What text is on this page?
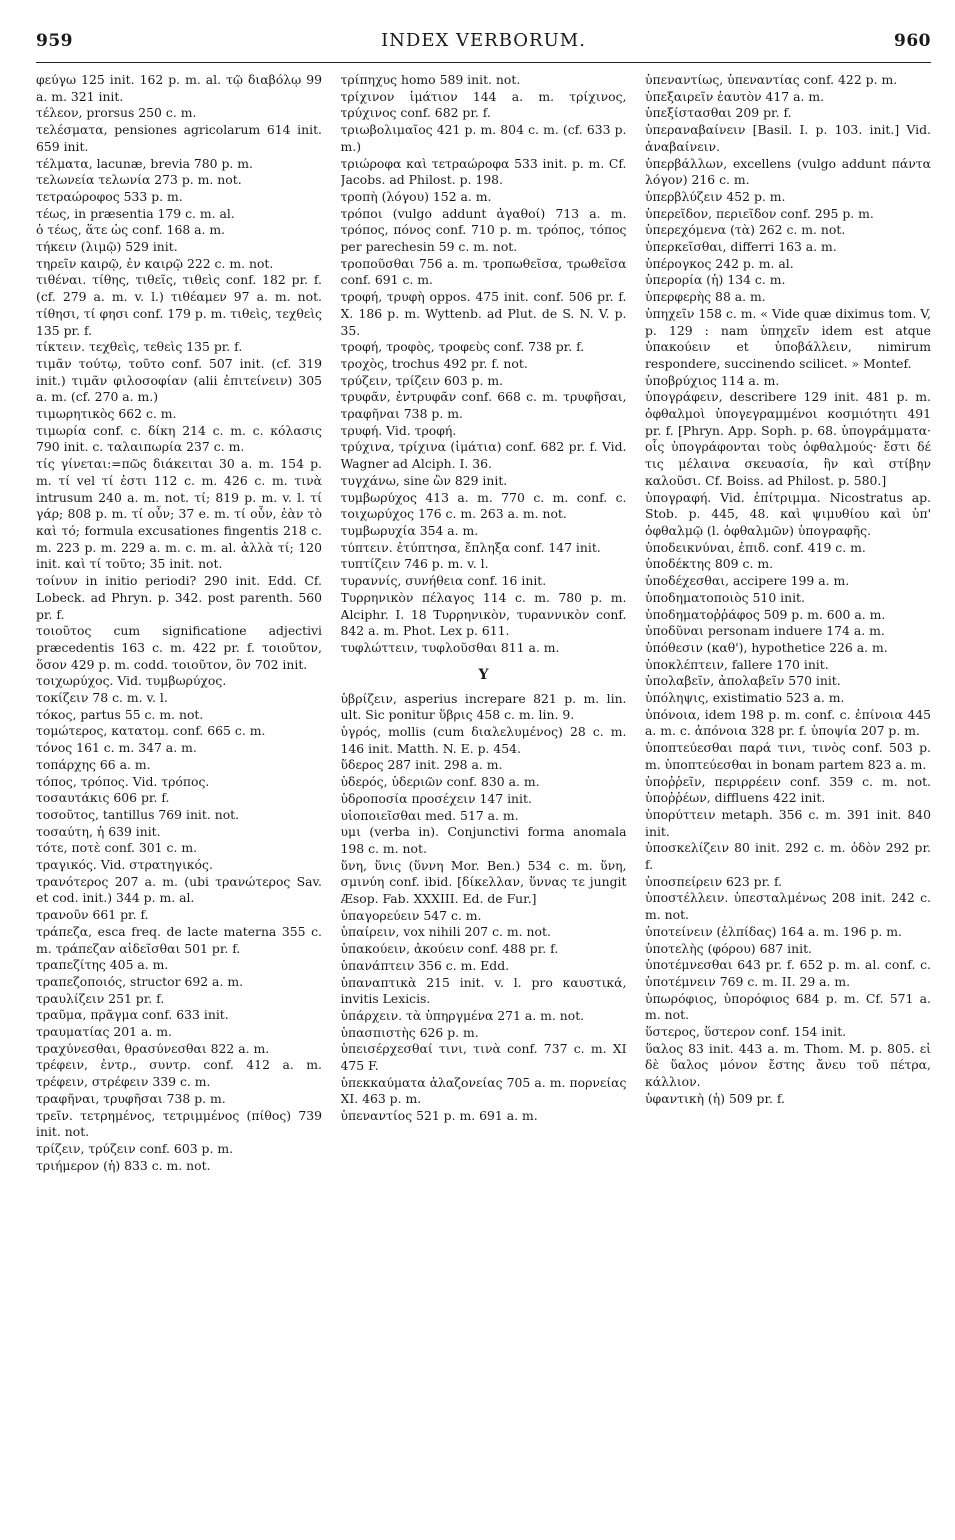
959	INDEX VERBORUM.	960

φεύγω 125 init. 162 p. m. al. τῷ διαβόλῳ 99 a. m. 321 init.

τέλεον, prorsus 250 c. m.

τελέσματα, pensiones agricolarum 614 init. 659 init.

τέλματα, lacunæ, brevia 780 p. m.

τελωνεία τελωνία 273 p. m. not.

τετραώροφος 533 p. m.

τέως, in præsentia 179 c. m. al.

ὁ τέως, ἅτε ὡς conf. 168 a. m.

τήκειν (λιμῷ) 529 init.

τηρεῖν καιρῷ, ἐν καιρῷ 222 c. m. not.

τιθέναι. τίθης, τιθεῖς, τιθεὶς conf. 182 pr. f. (cf. 279 a. m. v. l.) τιθέαμεν 97 a. m. not. τίθησι, τί φησι conf. 179 p. m. τιθεὶς, τεχθεὶς 135 pr. f.

τίκτειν. τεχθεὶς, τεθεὶς 135 pr. f.

τιμᾶν τούτῳ, τοῦτο conf. 507 init. (cf. 319 init.) τιμᾶν φιλοσοφίαν (alii ἐπιτείνειν) 305 a. m. (cf. 270 a. m.)

τιμωρητικὸς 662 c. m.

τιμωρία conf. c. δίκη 214 c. m. c. κόλασις 790 init. c. ταλαιπωρία 237 c. m.

τίς γίνεται:=πῶς διάκειται 30 a. m. 154 p. m. τί vel τί ἐστι 112 c. m. 426 c. m. τινὰ intrusum 240 a. m. not. τί; 819 p. m. v. l. τί γάρ; 808 p. m. τί οὖν; 37 e. m. τί οὖν, ἐὰν τὸ καὶ τό; formula excusationes fingentis 218 c. m. 223 p. m. 229 a. m. c. m. al. ἀλλὰ τί; 120 init. καὶ τί τοῦτο; 35 init. not.

τοίνυν in initio periodi? 290 init. Edd. Cf. Lobeck. ad Phryn. p. 342. post parenth. 560 pr. f.

τοιοῦτος cum significatione adjectivi præcedentis 163 c. m. 422 pr. f. τοιοῦτον, ὅσον 429 p. m. codd. τοιοῦτον, ὃν 702 init.

τοιχωρύχος. Vid. τυμβωρύχος.

τοκίζειν 78 c. m. v. l.

τόκος, partus 55 c. m. not.

τομώτερος, κατατομ. conf. 665 c. m.

τόνος 161 c. m. 347 a. m.

τοπάρχης 66 a. m.

τόπος, τρόπος. Vid. τρόπος.

τοσαυτάκις 606 pr. f.

τοσοῦτος, tantillus 769 init. not.

τοσαύτη, ἡ 639 init.

τότε, ποτὲ conf. 301 c. m.

τραγικός. Vid. στρατηγικός.

τρανότερος 207 a. m. (ubi τρανώτερος Sav. et cod. init.) 344 p. m. al.

τρανοῦν 661 pr. f.

τράπεζα, esca freq. de lacte materna 355 c. m. τράπεζαν αἰδεῖσθαι 501 pr. f.

τραπεζίτης 405 a. m.

τραπεζοποιός, structor 692 a. m.

τραυλίζειν 251 pr. f.

τραῦμα, πρᾶγμα conf. 633 init.

τραυματίας 201 a. m.

τραχύνεσθαι, θρασύνεσθαι 822 a. m.

τρέφειν, ἐντρ., συντρ. conf. 412 a. m. τρέφειν, στρέφειν 339 c. m.

τραφῆναι, τρυφῆσαι 738 p. m.

τρεῖν. τετρημένος, τετριμμένος (πίθος) 739 init. not.

τρίζειν, τρύζειν conf. 603 p. m.

τριήμερον (ἡ) 833 c. m. not.

τρίπηχυς homo 589 init. not.

τρίχινον ἱμάτιον 144 a. m. τρίχινος, τρύχινος conf. 682 pr. f.

τριωβολιμαῖος 421 p. m. 804 c. m. (cf. 633 p. m.)

τριώροφα καὶ τετραώροφα 533 init. p. m. Cf. Jacobs. ad Philost. p. 198.

τροπὴ (λόγου) 152 a. m.

τρόποι (vulgo addunt ἀγαθοί) 713 a. m. τρόπος, πόνος conf. 710 p. m. τρόπος, τόπος per parechesin 59 c. m. not.

τροποῦσθαι 756 a. m. τροπωθεῖσα, τρωθεῖσα conf. 691 c. m.

τροφή, τρυφὴ oppos. 475 init. conf. 506 pr. f. X. 186 p. m. Wyttenb. ad Plut. de S. N. V. p. 35.

τροφή, τροφὸς, τροφεὺς conf. 738 pr. f.

τροχὸς, trochus 492 pr. f. not.

τρύζειν, τρίζειν 603 p. m.

τρυφᾶν, ἐντρυφᾶν conf. 668 c. m. τρυφῆσαι, τραφῆναι 738 p. m.

τρυφή. Vid. τροφή.

τρύχινα, τρίχινα (ἱμάτια) conf. 682 pr. f. Vid. Wagner ad Alciph. I. 36.

τυγχάνω, sine ὢν 829 init.

τυμβωρύχος 413 a. m. 770 c. m. conf. c. τοιχωρύχος 176 c. m. 263 a. m. not.

τυμβωρυχία 354 a. m.

τύπτειν. ἐτύπτησα, ἔπληξα conf. 147 init.

τυπτίζειν 746 p. m. v. l.

τυραννίς, συνήθεια conf. 16 init.

Τυρρηνικὸν πέλαγος 114 c. m. 780 p. m. Alciphr. I. 18 Τυρρηνικὸν, τυραννικὸν conf. 842 a. m. Phot. Lex p. 611.

τυφλώττειν, τυφλοῦσθαι 811 a. m.

Υ

ὑβρίζειν, asperius increpare 821 p. m. lin. ult. Sic ponitur ὕβρις 458 c. m. lin. 9.

ὑγρός, mollis (cum διαλελυμένος) 28 c. m. 146 init. Matth. N. E. p. 454.

ὕδερος 287 init. 298 a. m.

ὑδερός, ὑδεριῶν conf. 830 a. m.

ὑδροποσία προσέχειν 147 init.

υἱοποιεῖσθαι med. 517 a. m.

υμι (verba in). Conjunctivi forma anomala 198 c. m. not.

ὕνη, ὕνις (ὕννη Mor. Ben.) 534 c. m. ὕνη, σμινύη conf. ibid. [δίκελλαν, ὕννας τε jungit Æsop. Fab. XXXIII. Ed. de Fur.]

ὑπαγορεύειν 547 c. m.

ὑπαίρειν, vox nihili 207 c. m. not.

ὑπακούειν, ἀκούειν conf. 488 pr. f.

ὑπανάπτειν 356 c. m. Edd.

ὑπαναπτικὰ 215 init. v. l. pro καυστικά, invitis Lexicis.

ὑπάρχειν. τὰ ὑπηργμένα 271 a. m. not.

ὑπασπιστὴς 626 p. m.

ὑπεισέρχεσθαί τινι, τινὰ conf. 737 c. m. XI 475 F.

ὑπεκκαύματα ἀλαζονείας 705 a. m. πορνείας XI. 463 p. m.

ὑπεναντίος 521 p. m. 691 a. m.

ὑπεναντίως, ὑπεναντίας conf. 422 p. m.

ὑπεξαιρεῖν ἑαυτὸν 417 a. m.

ὑπεξίστασθαι 209 pr. f.

ὑπεραναβαίνειν [Basil. I. p. 103. init.] Vid. ἀναβαίνειν.

ὑπερβάλλων, excellens (vulgo addunt πάντα λόγον) 216 c. m.

ὑπερβλύζειν 452 p. m.

ὑπερεῖδον, περιεῖδον conf. 295 p. m.

ὑπερεχόμενα (τὰ) 262 c. m. not.

ὑπερκεῖσθαι, differri 163 a. m.

ὑπέρογκος 242 p. m. al.

ὑπερορία (ἡ) 134 c. m.

ὑπερφερὴς 88 a. m.

ὑπηχεῖν 158 c. m. « Vide quæ diximus tom. V, p. 129 : nam ὑπηχεῖν idem est atque ὑπακούειν et ὑποβάλλειν, nimirum respondere, succinendo scilicet. » Montef.

ὑποβρύχιος 114 a. m.

ὑπογράφειν, describere 129 init. 481 p. m. ὀφθαλμοὶ ὑπογεγραμμένοι κοσμιότητι 491 pr. f. [Phryn. App. Soph. p. 68. ὑπογράμματα· οἷς ὑπογράφονται τοὺς ὀφθαλμούς· ἔστι δέ τις μέλαινα σκευασία, ἣν καὶ στίβην καλοῦσι. Cf. Boiss. ad Philost. p. 580.]

ὑπογραφή. Vid. ἐπίτριμμα. Nicostratus ap. Stob. p. 445, 48. καὶ ψιμυθίου καὶ ὑπ' ὀφθαλμῷ (l. ὀφθαλμῶν) ὑπογραφῆς.

ὑποδεικνύναι, ἐπιδ. conf. 419 c. m.

ὑποδέκτης 809 c. m.

ὑποδέχεσθαι, accipere 199 a. m.

ὑποδηματοποιὸς 510 init.

ὑποδηματοῤῥάφος 509 p. m. 600 a. m.

ὑποδῦναι personam induere 174 a. m.

ὑπόθεσιν (καθ'), hypothetice 226 a. m.

ὑποκλέπτειν, fallere 170 init.

ὑπολαβεῖν, ἀπολαβεῖν 570 init.

ὑπόληψις, existimatio 523 a. m.

ὑπόνοια, idem 198 p. m. conf. c. ἐπίνοια 445 a. m. c. ἀπόνοια 328 pr. f. ὑποψία 207 p. m.

ὑποπτεύεσθαι παρά τινι, τινὸς conf. 503 p. m. ὑποπτεύεσθαι in bonam partem 823 a. m.

ὑποῤῥεῖν, περιρρέειν conf. 359 c. m. not. ὑποῤῥέων, diffluens 422 init.

ὑπορύττειν metaph. 356 c. m. 391 init. 840 init.

ὑποσκελίζειν 80 init. 292 c. m. ὁδὸν 292 pr. f.

ὑποσπείρειν 623 pr. f.

ὑποστέλλειν. ὑπεσταλμένως 208 init. 242 c. m. not.

ὑποτείνειν (ἐλπίδας) 164 a. m. 196 p. m.

ὑποτελὴς (φόρου) 687 init.

ὑποτέμνεσθαι 643 pr. f. 652 p. m. al. conf. c. ὑποτέμνειν 769 c. m. II. 29 a. m.

ὑπωρόφιος, ὑπορόφιος 684 p. m. Cf. 571 a. m. not.

ὕστερος, ὕστερον conf. 154 init.

ὕαλος 83 init. 443 a. m. Thom. M. p. 805. εἰ δὲ ὕαλος μόνον ἔστης ἄνευ τοῦ πέτρα, κάλλιον.

ὑφαντικὴ (ἡ) 509 pr. f.
